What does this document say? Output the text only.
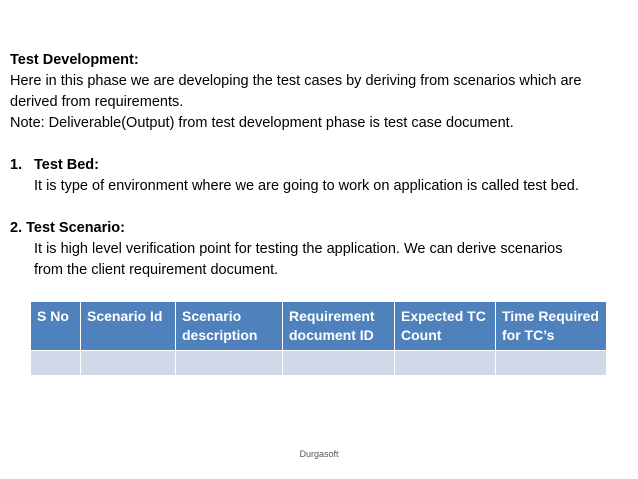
Test Development:

Here in this phase we are developing the test cases by deriving from scenarios which are

derived from requirements.

Note: Deliverable(Output) from test development phase is test case document.

1. Test Bed:

It is type of environment where we are going to work on application is called test bed.

2. Test Scenario:

It is high level verification point for testing the application. We can derive scenarios

from the client requirement document.

S No	Scenario Id	Scenario description	Requirement document ID	Expected TC Count	Time Required for TC’s

Durgasoft
